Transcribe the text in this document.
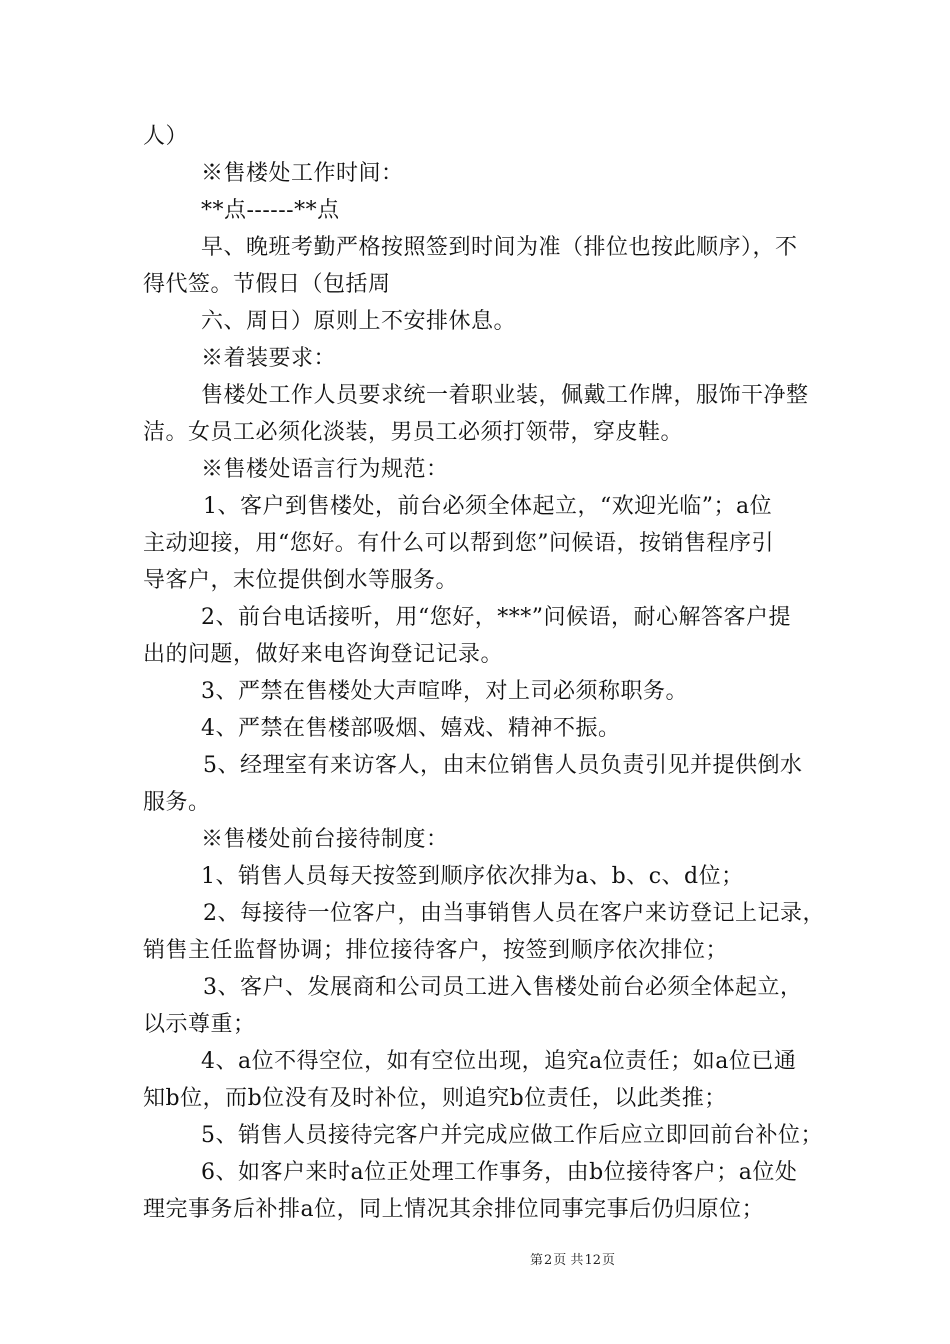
人）
※售楼处工作时间：
**点------**点
早、晚班考勤严格按照签到时间为准（排位也按此顺序），不
得代签。节假日（包括周
六、周日）原则上不安排休息。
※着装要求：
售楼处工作人员要求统一着职业装，佩戴工作牌，服饰干净整
洁。女员工必须化淡装，男员工必须打领带，穿皮鞋。
※售楼处语言行为规范：
1、客户到售楼处，前台必须全体起立，“欢迎光临”；a位
主动迎接，用“您好。有什么可以帮到您”问候语，按销售程序引
导客户，末位提供倒水等服务。
2、前台电话接听，用“您好，***”问候语，耐心解答客户提
出的问题，做好来电咨询登记记录。
3、严禁在售楼处大声喧哗，对上司必须称职务。
4、严禁在售楼部吸烟、嬉戏、精神不振。
5、经理室有来访客人，由末位销售人员负责引见并提供倒水
服务。
※售楼处前台接待制度：
1、销售人员每天按签到顺序依次排为a、b、c、d位；
2、每接待一位客户，由当事销售人员在客户来访登记上记录，
销售主任监督协调；排位接待客户，按签到顺序依次排位；
3、客户、发展商和公司员工进入售楼处前台必须全体起立，
以示尊重；
4、a位不得空位，如有空位出现，追究a位责任；如a位已通
知b位，而b位没有及时补位，则追究b位责任，以此类推；
5、销售人员接待完客户并完成应做工作后应立即回前台补位；
6、如客户来时a位正处理工作事务，由b位接待客户；a位处
理完事务后补排a位，同上情况其余排位同事完事后仍归原位；
第2页 共12页
